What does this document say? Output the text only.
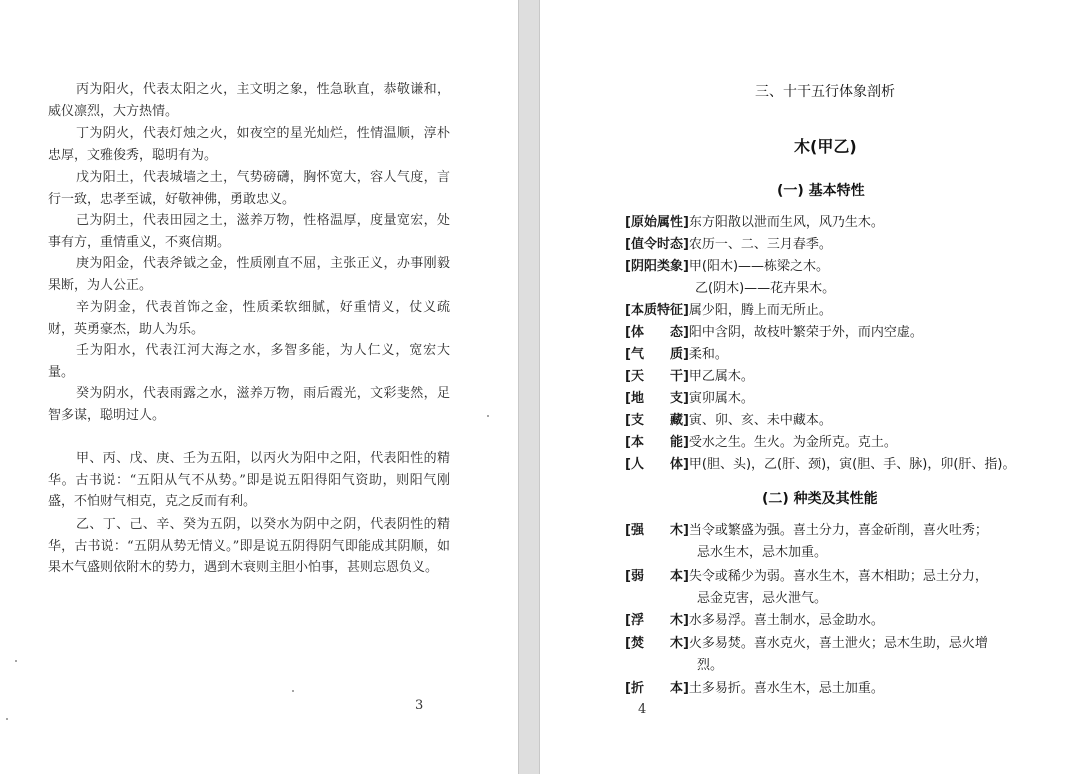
丙为阳火，代表太阳之火，主文明之象，性急耿直，恭敬谦和，威仪凛烈，大方热情。

丁为阴火，代表灯烛之火，如夜空的星光灿烂，性情温顺，淳朴忠厚，文雅俊秀，聪明有为。

戊为阳土，代表城墙之土，气势磅礴，胸怀宽大，容人气度，言行一致，忠孝至诚，好敬神佛，勇敢忠义。

己为阴土，代表田园之土，滋养万物，性格温厚，度量宽宏，处事有方，重情重义，不爽信期。

庚为阳金，代表斧钺之金，性质刚直不屈，主张正义，办事刚毅果断，为人公正。

辛为阴金，代表首饰之金，性质柔软细腻，好重情义，仗义疏财，英勇豪杰，助人为乐。

壬为阳水，代表江河大海之水，多智多能，为人仁义，宽宏大量。

癸为阴水，代表雨露之水，滋养万物，雨后霞光，文彩斐然，足智多谋，聪明过人。

甲、丙、戊、庚、壬为五阳，以丙火为阳中之阳，代表阳性的精华。古书说：“五阳从气不从势。”即是说五阳得阳气资助，则阳气刚盛，不怕财气相克，克之反而有利。

乙、丁、己、辛、癸为五阴，以癸水为阴中之阴，代表阴性的精华，古书说：“五阴从势无情义。”即是说五阴得阴气即能成其阴顺，如果木气盛则依附木的势力，遇到木衰则主胆小怕事，甚则忘恩负义。

3
三、十干五行体象剖析
木(甲乙)
(一) 基本特性
[原始属性]东方阳散以泄而生风，风乃生木。
[值令时态]农历一、二、三月春季。
[阴阳类象]甲(阳木)——栋梁之木。
乙(阴木)——花卉果木。
[本质特征]属少阳，腾上而无所止。
[体　　态]阳中含阴，故枝叶繁荣于外，而内空虚。
[气　　质]柔和。
[天　　干]甲乙属木。
[地　　支]寅卯属木。
[支　　藏]寅、卯、亥、未中藏本。
[本　　能]受水之生。生火。为金所克。克土。
[人　　体]甲(胆、头)，乙(肝、颈)，寅(胆、手、脉)，卯(肝、指)。
(二) 种类及其性能
[强　　木]当令或繁盛为强。喜土分力，喜金斫削，喜火吐秀；
忌水生木，忌木加重。
[弱　　本]失令或稀少为弱。喜水生木，喜木相助；忌土分力，
忌金克害，忌火泄气。
[浮　　木]水多易浮。喜土制水，忌金助水。
[焚　　木]火多易焚。喜水克火，喜土泄火；忌木生助，忌火增
烈。
[折　　本]土多易折。喜水生木，忌土加重。
4
